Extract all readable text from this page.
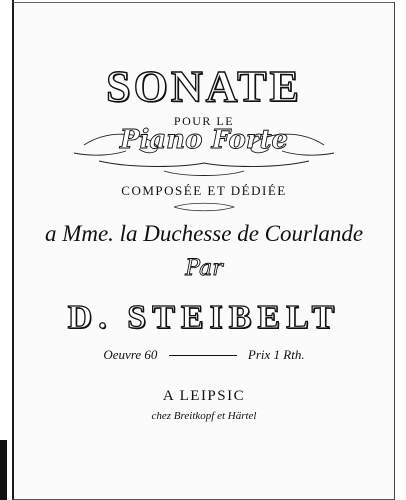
SONATE
POUR LE
Piano Forte
COMPOSÉE ET DÉDIÉE
a Mme. la Duchesse de Courlande
Par
D. STEIBELT
Oeuvre 60	Prix 1 Rth.
A LEIPSIC
chez Breitkopf et Härtel
